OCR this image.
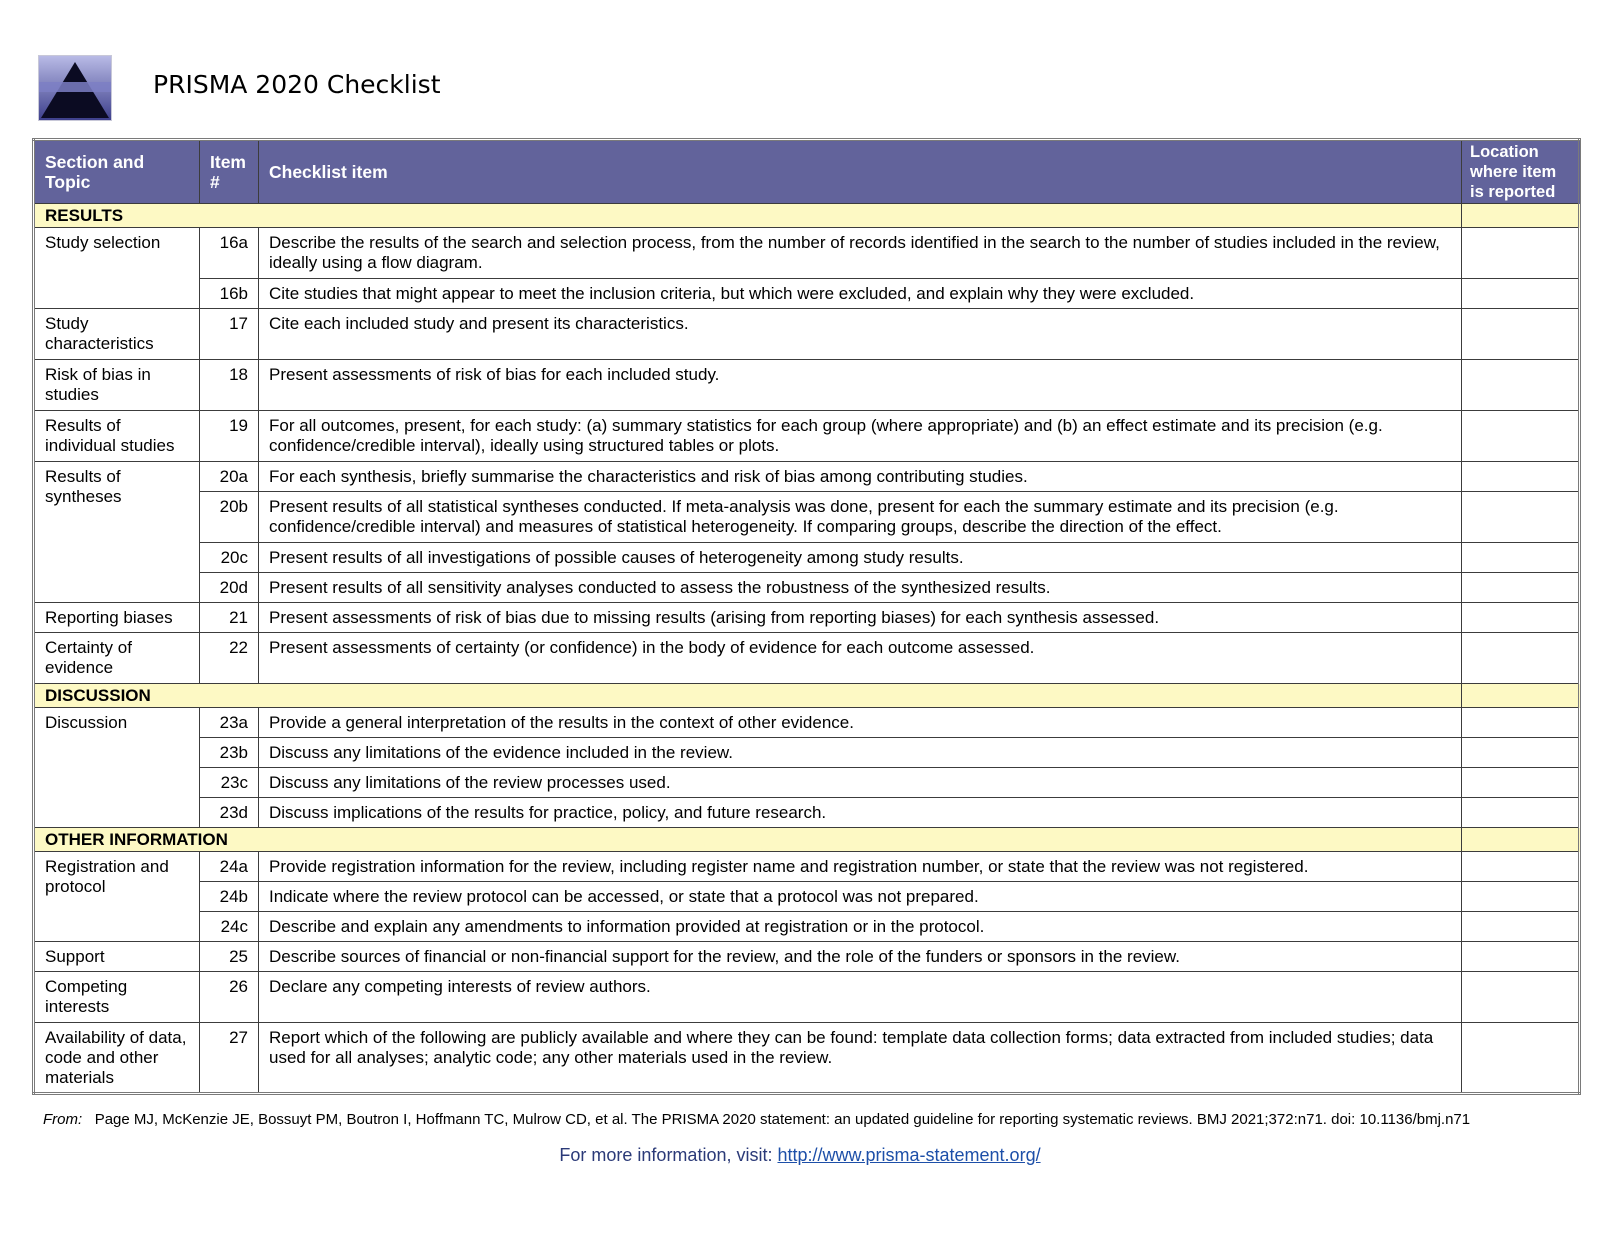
PRISMA 2020 Checklist
Section and Topic	Item #	Checklist item	Location where item is reported
RESULTS			
Study selection	16a	Describe the results of the search and selection process, from the number of records identified in the search to the number of studies included in the review, ideally using a flow diagram.	
	16b	Cite studies that might appear to meet the inclusion criteria, but which were excluded, and explain why they were excluded.	
Study characteristics	17	Cite each included study and present its characteristics.	
Risk of bias in studies	18	Present assessments of risk of bias for each included study.	
Results of individual studies	19	For all outcomes, present, for each study: (a) summary statistics for each group (where appropriate) and (b) an effect estimate and its precision (e.g. confidence/credible interval), ideally using structured tables or plots.	
Results of syntheses	20a	For each synthesis, briefly summarise the characteristics and risk of bias among contributing studies.	
	20b	Present results of all statistical syntheses conducted. If meta-analysis was done, present for each the summary estimate and its precision (e.g. confidence/credible interval) and measures of statistical heterogeneity. If comparing groups, describe the direction of the effect.	
	20c	Present results of all investigations of possible causes of heterogeneity among study results.	
	20d	Present results of all sensitivity analyses conducted to assess the robustness of the synthesized results.	
Reporting biases	21	Present assessments of risk of bias due to missing results (arising from reporting biases) for each synthesis assessed.	
Certainty of evidence	22	Present assessments of certainty (or confidence) in the body of evidence for each outcome assessed.	
DISCUSSION			
Discussion	23a	Provide a general interpretation of the results in the context of other evidence.	
	23b	Discuss any limitations of the evidence included in the review.	
	23c	Discuss any limitations of the review processes used.	
	23d	Discuss implications of the results for practice, policy, and future research.	
OTHER INFORMATION			
Registration and protocol	24a	Provide registration information for the review, including register name and registration number, or state that the review was not registered.	
	24b	Indicate where the review protocol can be accessed, or state that a protocol was not prepared.	
	24c	Describe and explain any amendments to information provided at registration or in the protocol.	
Support	25	Describe sources of financial or non-financial support for the review, and the role of the funders or sponsors in the review.	
Competing interests	26	Declare any competing interests of review authors.	
Availability of data, code and other materials	27	Report which of the following are publicly available and where they can be found: template data collection forms; data extracted from included studies; data used for all analyses; analytic code; any other materials used in the review.	
From: Page MJ, McKenzie JE, Bossuyt PM, Boutron I, Hoffmann TC, Mulrow CD, et al. The PRISMA 2020 statement: an updated guideline for reporting systematic reviews. BMJ 2021;372:n71. doi: 10.1136/bmj.n71
For more information, visit: http://www.prisma-statement.org/
